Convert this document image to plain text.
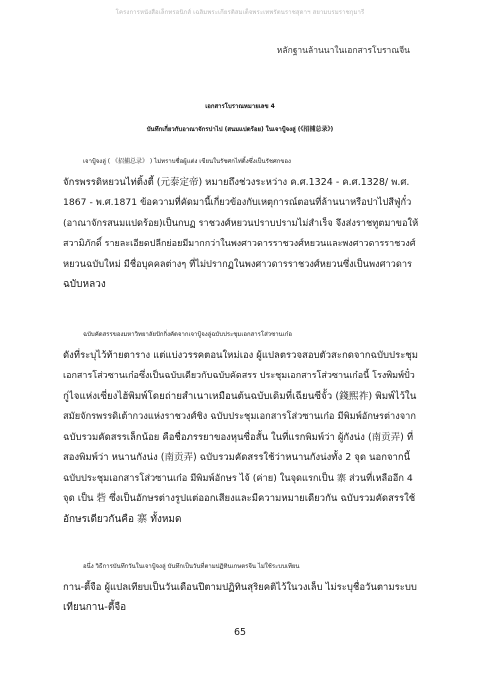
โครงการหนังสือเล็กทรอนิกส์ เฉลิมพระเกียรติสมเด็จพระเทพรัตนราชสุดาฯ สยามบรมราชกุมารี
หลักฐานล้านนาในเอกสารโบราณจีน
เอกสารโบราณหมายเลข 4
บันทึกเกี่ยวกับอาณาจักรปาไป (สนมแปดร้อย) ในเจาปู้จงลู่ (《招捕总录》)

เจาปู้จงลู่ ( 《招捕总录》 ) ไม่ทราบชื่อผู้แต่ง เขียนในรัชศกไท่ติ้งซึ่งเป็นรัชศกของ
จักรพรรดิหยวนไท่ติ้งตี้ (元泰定帝) หมายถึงช่วงระหว่าง ค.ศ.1324 - ค.ศ.1328/ พ.ศ.
1867 - พ.ศ.1871 ข้อความที่คัดมานี้เกี่ยวข้องกับเหตุการณ์ตอนที่ล้านนาหรือปาไปสีฟู่กั๋ว
(อาณาจักรสนมแปดร้อย)เป็นกบฏ ราชวงศ์หยวนปราบปรามไม่สำเร็จ จึงส่งราชทูตมาขอให้
สวามิภักดิ์ รายละเอียดปลีกย่อยมีมากกว่าในพงศาวดารราชวงศ์หยวนและพงศาวดารราชวงศ์
หยวนฉบับใหม่ มีชื่อบุคคลต่างๆ ที่ไม่ปรากฏในพงศาวดารราชวงศ์หยวนซึ่งเป็นพงศาวดาร
ฉบับหลวง

ฉบับคัดสรรของมหาวิทยาลัยปักกิ่งคัดจากเจาปู้จงลู่ฉบับประชุมเอกสารโส่วซานเก๋อ
ดังที่ระบุไว้ท้ายตาราง แต่แบ่งวรรคตอนใหม่เอง ผู้แปลตรวจสอบตัวสะกดจากฉบับประชุม
เอกสารโส่วซานเก๋อซึ่งเป็นฉบับเดียวกับฉบับคัดสรร ประชุมเอกสารโส่วซานเก๋อนี้ โรงพิมพ์ปั๋ว
กู่ไจแห่งเซี่ยงไฮ้พิมพ์โดยถ่ายสำเนาเหมือนต้นฉบับเดิมที่เฉียนซีจั้ว (錢熙祚) พิมพ์ไว้ใน
สมัยจักรพรรดิเต้ากวงแห่งราชวงศ์ชิง ฉบับประชุมเอกสารโส่วซานเก๋อ มีพิมพ์อักษรต่างจาก
ฉบับรวมคัดสรรเล็กน้อย คือชื่อภรรยาของหุนซื่อสั้น ในที่แรกพิมพ์ว่า ผู้กังน่ง (南贡弄) ที่
สองพิมพ์ว่า หนานกังน่ง (南贡弄) ฉบับรวมคัดสรรใช้ว่าหนานกังน่งทั้ง 2 จุด นอกจากนี้
ฉบับประชุมเอกสารโส่วซานเก๋อ มีพิมพ์อักษร ไจ้ (ค่าย) ในจุดแรกเป็น 寨 ส่วนที่เหลืออีก 4
จุด เป็น 砦 ซึ่งเป็นอักษรต่างรูปแต่ออกเสียงและมีความหมายเดียวกัน ฉบับรวมคัดสรรใช้
อักษรเดียวกันคือ 寨 ทั้งหมด

อนึ่ง วิธีการบันทึกวันในเจาปู้จงลู่ บันทึกเป็นวันที่ตามปฏิทินเกษตรจีน ไม่ใช้ระบบเทียน
กาน-ตี้จือ ผู้แปลเทียบเป็นวันเดือนปีตามปฏิทินสุริยคติไว้ในวงเล็บ ไม่ระบุชื่อวันตามระบบ
เทียนกาน-ตี้จือ

65
